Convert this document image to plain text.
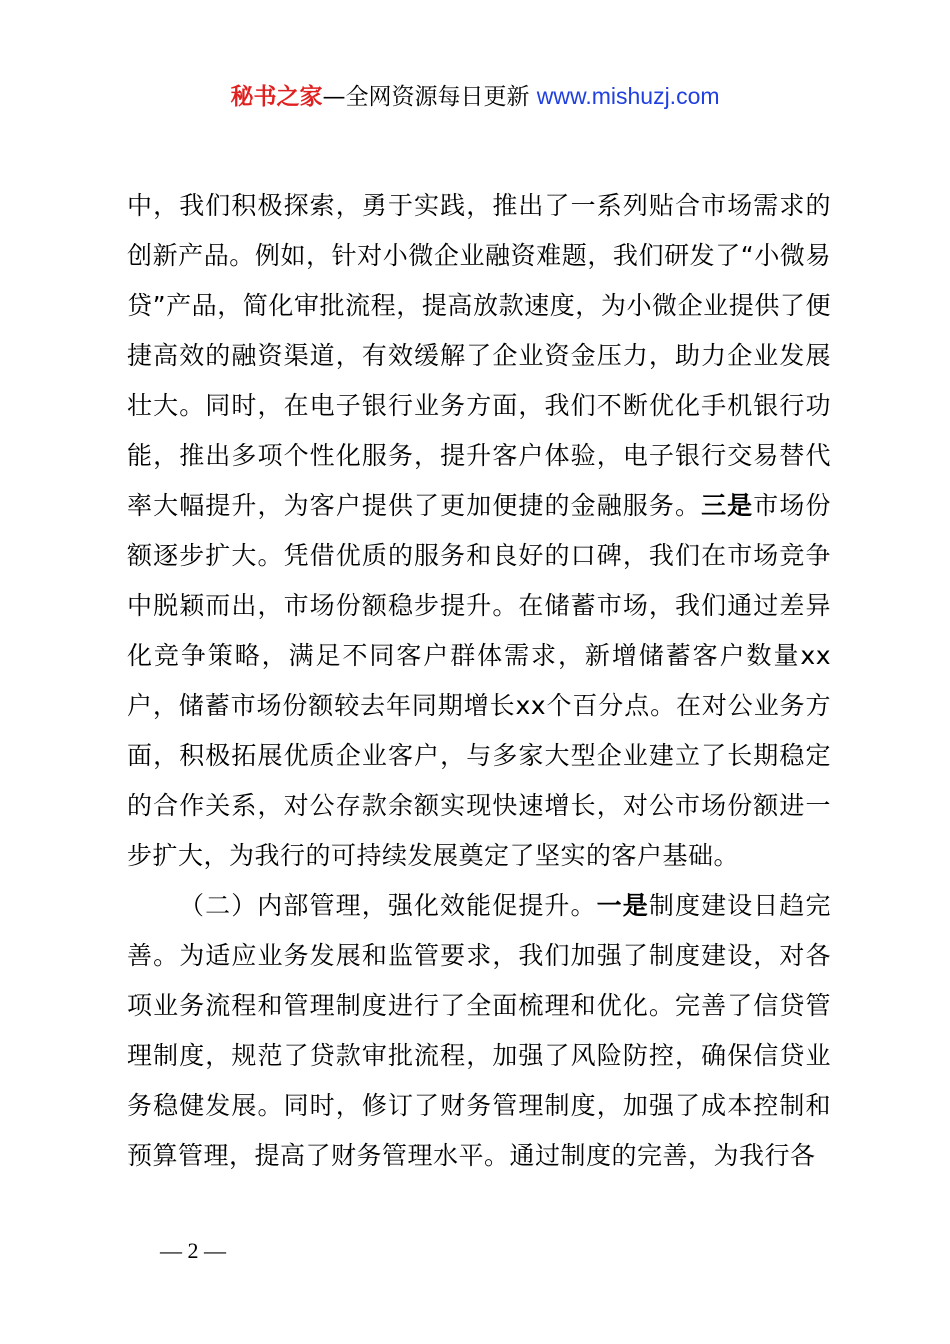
秘书之家—全网资源每日更新 www.mishuzj.com

中，我们积极探索，勇于实践，推出了一系列贴合市场需求的创新产品。例如，针对小微企业融资难题，我们研发了“小微易贷”产品，简化审批流程，提高放款速度，为小微企业提供了便捷高效的融资渠道，有效缓解了企业资金压力，助力企业发展壮大。同时，在电子银行业务方面，我们不断优化手机银行功能，推出多项个性化服务，提升客户体验，电子银行交易替代率大幅提升，为客户提供了更加便捷的金融服务。三是市场份额逐步扩大。凭借优质的服务和良好的口碑，我们在市场竞争中脱颖而出，市场份额稳步提升。在储蓄市场，我们通过差异化竞争策略，满足不同客户群体需求，新增储蓄客户数量xx户，储蓄市场份额较去年同期增长xx个百分点。在对公业务方面，积极拓展优质企业客户，与多家大型企业建立了长期稳定的合作关系，对公存款余额实现快速增长，对公市场份额进一步扩大，为我行的可持续发展奠定了坚实的客户基础。

（二）内部管理，强化效能促提升。一是制度建设日趋完善。为适应业务发展和监管要求，我们加强了制度建设，对各项业务流程和管理制度进行了全面梳理和优化。完善了信贷管理制度，规范了贷款审批流程，加强了风险防控，确保信贷业务稳健发展。同时，修订了财务管理制度，加强了成本控制和预算管理，提高了财务管理水平。通过制度的完善，为我行各

— 2 —
